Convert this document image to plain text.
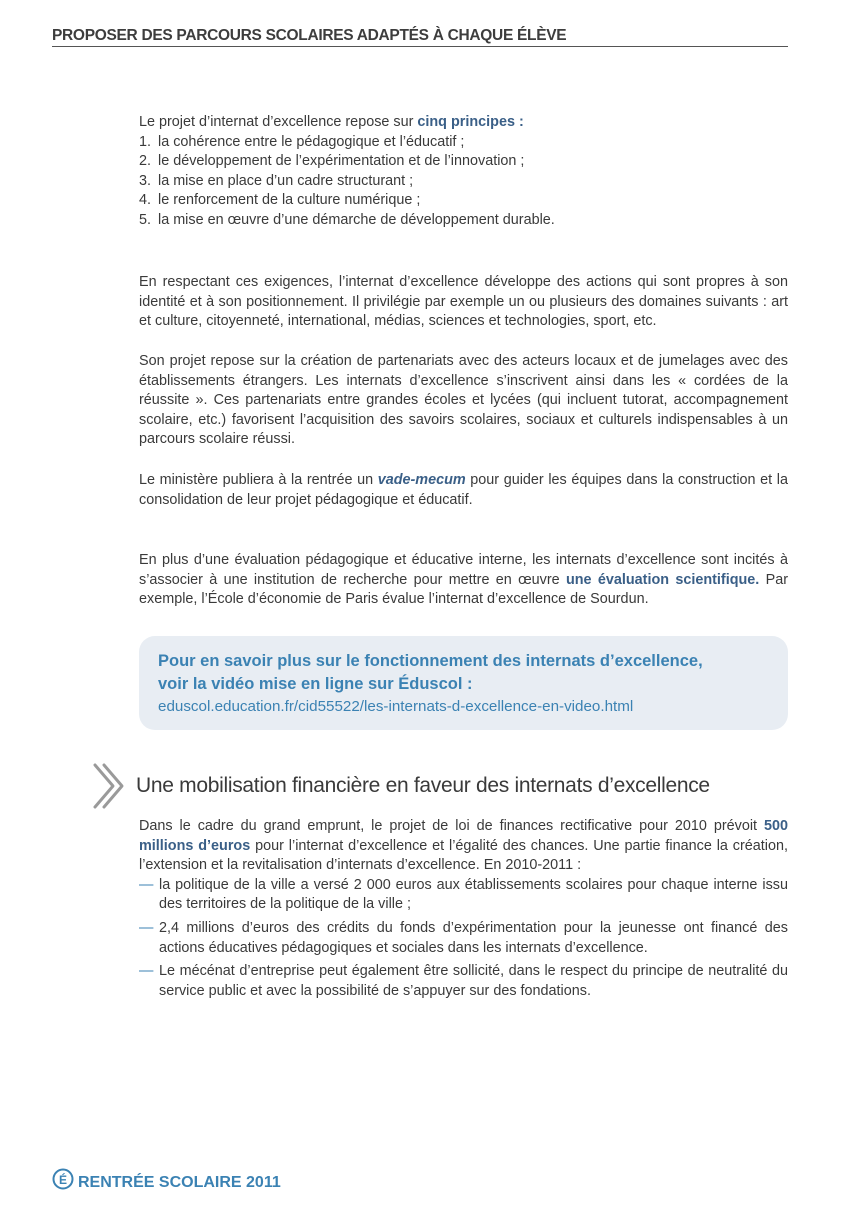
PROPOSER DES PARCOURS SCOLAIRES ADAPTÉS À CHAQUE ÉLÈVE

Le projet d’internat d’excellence repose sur cinq principes :

1. la cohérence entre le pédagogique et l’éducatif ;
2. le développement de l’expérimentation et de l’innovation ;
3. la mise en place d’un cadre structurant ;
4. le renforcement de la culture numérique ;
5. la mise en œuvre d’une démarche de développement durable.

En respectant ces exigences, l’internat d’excellence développe des actions qui sont propres à son identité et à son positionnement. Il privilégie par exemple un ou plusieurs des domaines suivants : art et culture, citoyenneté, international, médias, sciences et technologies, sport, etc.

Son projet repose sur la création de partenariats avec des acteurs locaux et de jumelages avec des établissements étrangers. Les internats d’excellence s’inscrivent ainsi dans les « cordées de la réussite ». Ces partenariats entre grandes écoles et lycées (qui incluent tutorat, accompagnement scolaire, etc.) favorisent l’acquisition des savoirs scolaires, sociaux et culturels indispensables à un parcours scolaire réussi.

Le ministère publiera à la rentrée un vade-mecum pour guider les équipes dans la construction et la consolidation de leur projet pédagogique et éducatif.

En plus d’une évaluation pédagogique et éducative interne, les internats d’excellence sont incités à s’associer à une institution de recherche pour mettre en œuvre une évaluation scientifique. Par exemple, l’École d’économie de Paris évalue l’internat d’excellence de Sourdun.

Pour en savoir plus sur le fonctionnement des internats d’excellence,
voir la vidéo mise en ligne sur Éduscol :
eduscol.education.fr/cid55522/les-internats-d-excellence-en-video.html
Une mobilisation financière en faveur des internats d’excellence

Dans le cadre du grand emprunt, le projet de loi de finances rectificative pour 2010 prévoit 500 millions d’euros pour l’internat d’excellence et l’égalité des chances. Une partie finance la création, l’extension et la revitalisation d’internats d’excellence. En 2010-2011 :

— la politique de la ville a versé 2 000 euros aux établissements scolaires pour chaque interne issu des territoires de la politique de la ville ;
— 2,4 millions d’euros des crédits du fonds d’expérimentation pour la jeunesse ont financé des actions éducatives pédagogiques et sociales dans les internats d’excellence.
— Le mécénat d’entreprise peut également être sollicité, dans le respect du principe de neutralité du service public et avec la possibilité de s’appuyer sur des fondations.
É RENTRÉE SCOLAIRE 2011
